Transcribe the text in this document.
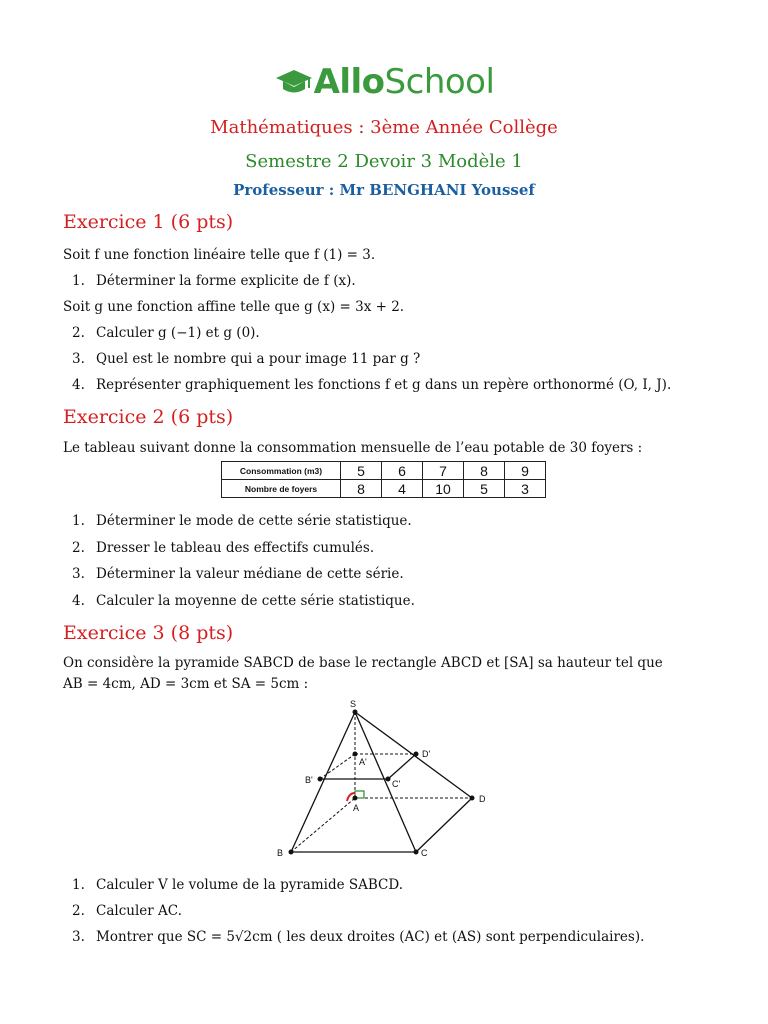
AlloSchool
Mathématiques : 3ème Année Collège
Semestre 2 Devoir 3 Modèle 1
Professeur : Mr BENGHANI Youssef
Exercice 1 (6 pts)
Soit f une fonction linéaire telle que f (1) = 3.
1. Déterminer la forme explicite de f (x).
Soit g une fonction affine telle que g (x) = 3x + 2.
2. Calculer g (−1) et g (0).
3. Quel est le nombre qui a pour image 11 par g ?
4. Représenter graphiquement les fonctions f et g dans un repère orthonormé (O, I, J).
Exercice 2 (6 pts)
Le tableau suivant donne la consommation mensuelle de l’eau potable de 30 foyers :
Consommation (m3)	5	6	7	8	9
Nombre de foyers	8	4	10	5	3
1. Déterminer le mode de cette série statistique.
2. Dresser le tableau des effectifs cumulés.
3. Déterminer la valeur médiane de cette série.
4. Calculer la moyenne de cette série statistique.
Exercice 3 (8 pts)
On considère la pyramide SABCD de base le rectangle ABCD et [SA] sa hauteur tel que
AB = 4cm, AD = 3cm et SA = 5cm :
S
B	C
D
A
B'	C'
A'
D'
1. Calculer V le volume de la pyramide SABCD.
2. Calculer AC.
3. Montrer que SC = 5√2cm ( les deux droites (AC) et (AS) sont perpendiculaires).
